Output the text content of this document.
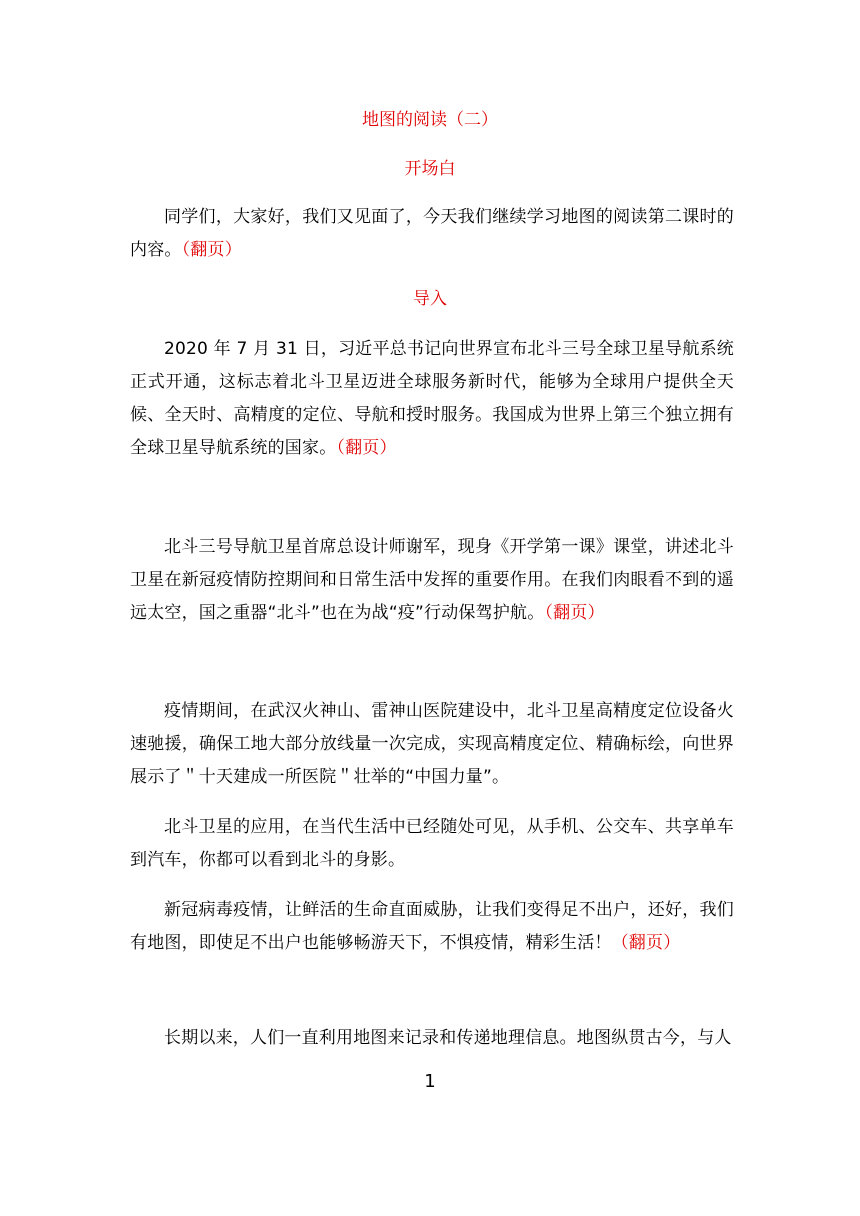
地图的阅读（二）
开场白

同学们，大家好，我们又见面了，今天我们继续学习地图的阅读第二课时的内容。（翻页）

导入

2020 年 7 月 31 日，习近平总书记向世界宣布北斗三号全球卫星导航系统正式开通，这标志着北斗卫星迈进全球服务新时代，能够为全球用户提供全天候、全天时、高精度的定位、导航和授时服务。我国成为世界上第三个独立拥有全球卫星导航系统的国家。（翻页）

北斗三号导航卫星首席总设计师谢军，现身《开学第一课》课堂，讲述北斗卫星在新冠疫情防控期间和日常生活中发挥的重要作用。在我们肉眼看不到的遥远太空，国之重器“北斗”也在为战“疫”行动保驾护航。（翻页）

疫情期间，在武汉火神山、雷神山医院建设中，北斗卫星高精度定位设备火速驰援，确保工地大部分放线量一次完成，实现高精度定位、精确标绘，向世界展示了＂十天建成一所医院＂壮举的“中国力量”。

北斗卫星的应用，在当代生活中已经随处可见，从手机、公交车、共享单车到汽车，你都可以看到北斗的身影。

新冠病毒疫情，让鲜活的生命直面威胁，让我们变得足不出户，还好，我们有地图，即使足不出户也能够畅游天下，不惧疫情，精彩生活！（翻页）

长期以来，人们一直利用地图来记录和传递地理信息。地图纵贯古今，与人

1
